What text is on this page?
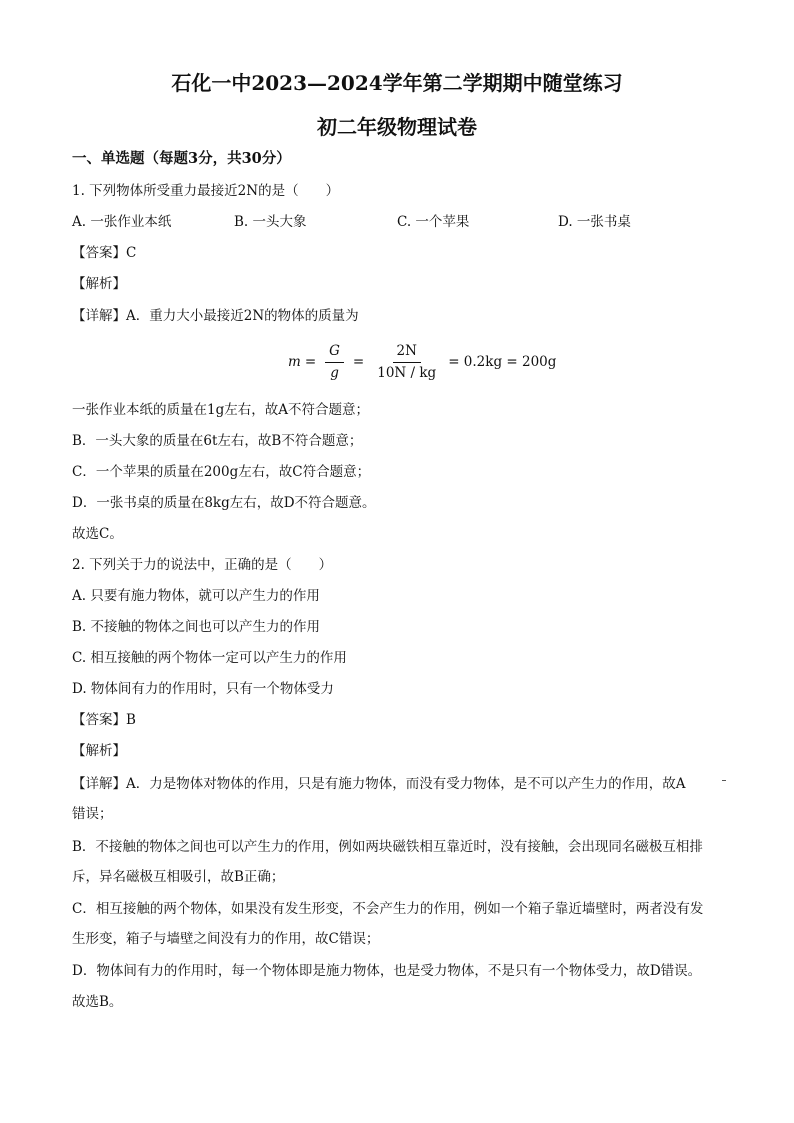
石化一中2023—2024学年第二学期期中随堂练习
初二年级物理试卷
一、单选题（每题3分，共30分）
1. 下列物体所受重力最接近2N的是（　　）
A. 一张作业本纸	B. 一头大象	C. 一个苹果	D. 一张书桌
【答案】C
【解析】
【详解】A．重力大小最接近2N的物体的质量为
$m = \frac{G}{g} = \frac{2N}{10N / kg} = 0.2kg = 200g$
一张作业本纸的质量在1g左右，故A不符合题意；
B．一头大象的质量在6t左右，故B不符合题意；
C．一个苹果的质量在200g左右，故C符合题意；
D．一张书桌的质量在8kg左右，故D不符合题意。
故选C。
2. 下列关于力的说法中，正确的是（　　）
A. 只要有施力物体，就可以产生力的作用
B. 不接触的物体之间也可以产生力的作用
C. 相互接触的两个物体一定可以产生力的作用
D. 物体间有力的作用时，只有一个物体受力
【答案】B
【解析】
【详解】A．力是物体对物体的作用，只是有施力物体，而没有受力物体，是不可以产生力的作用，故A
错误；
B．不接触的物体之间也可以产生力的作用，例如两块磁铁相互靠近时，没有接触，会出现同名磁极互相排
斥，异名磁极互相吸引，故B正确；
C．相互接触的两个物体，如果没有发生形变，不会产生力的作用，例如一个箱子靠近墙壁时，两者没有发
生形变，箱子与墙壁之间没有力的作用，故C错误；
D．物体间有力的作用时，每一个物体即是施力物体，也是受力物体，不是只有一个物体受力，故D错误。
故选B。
